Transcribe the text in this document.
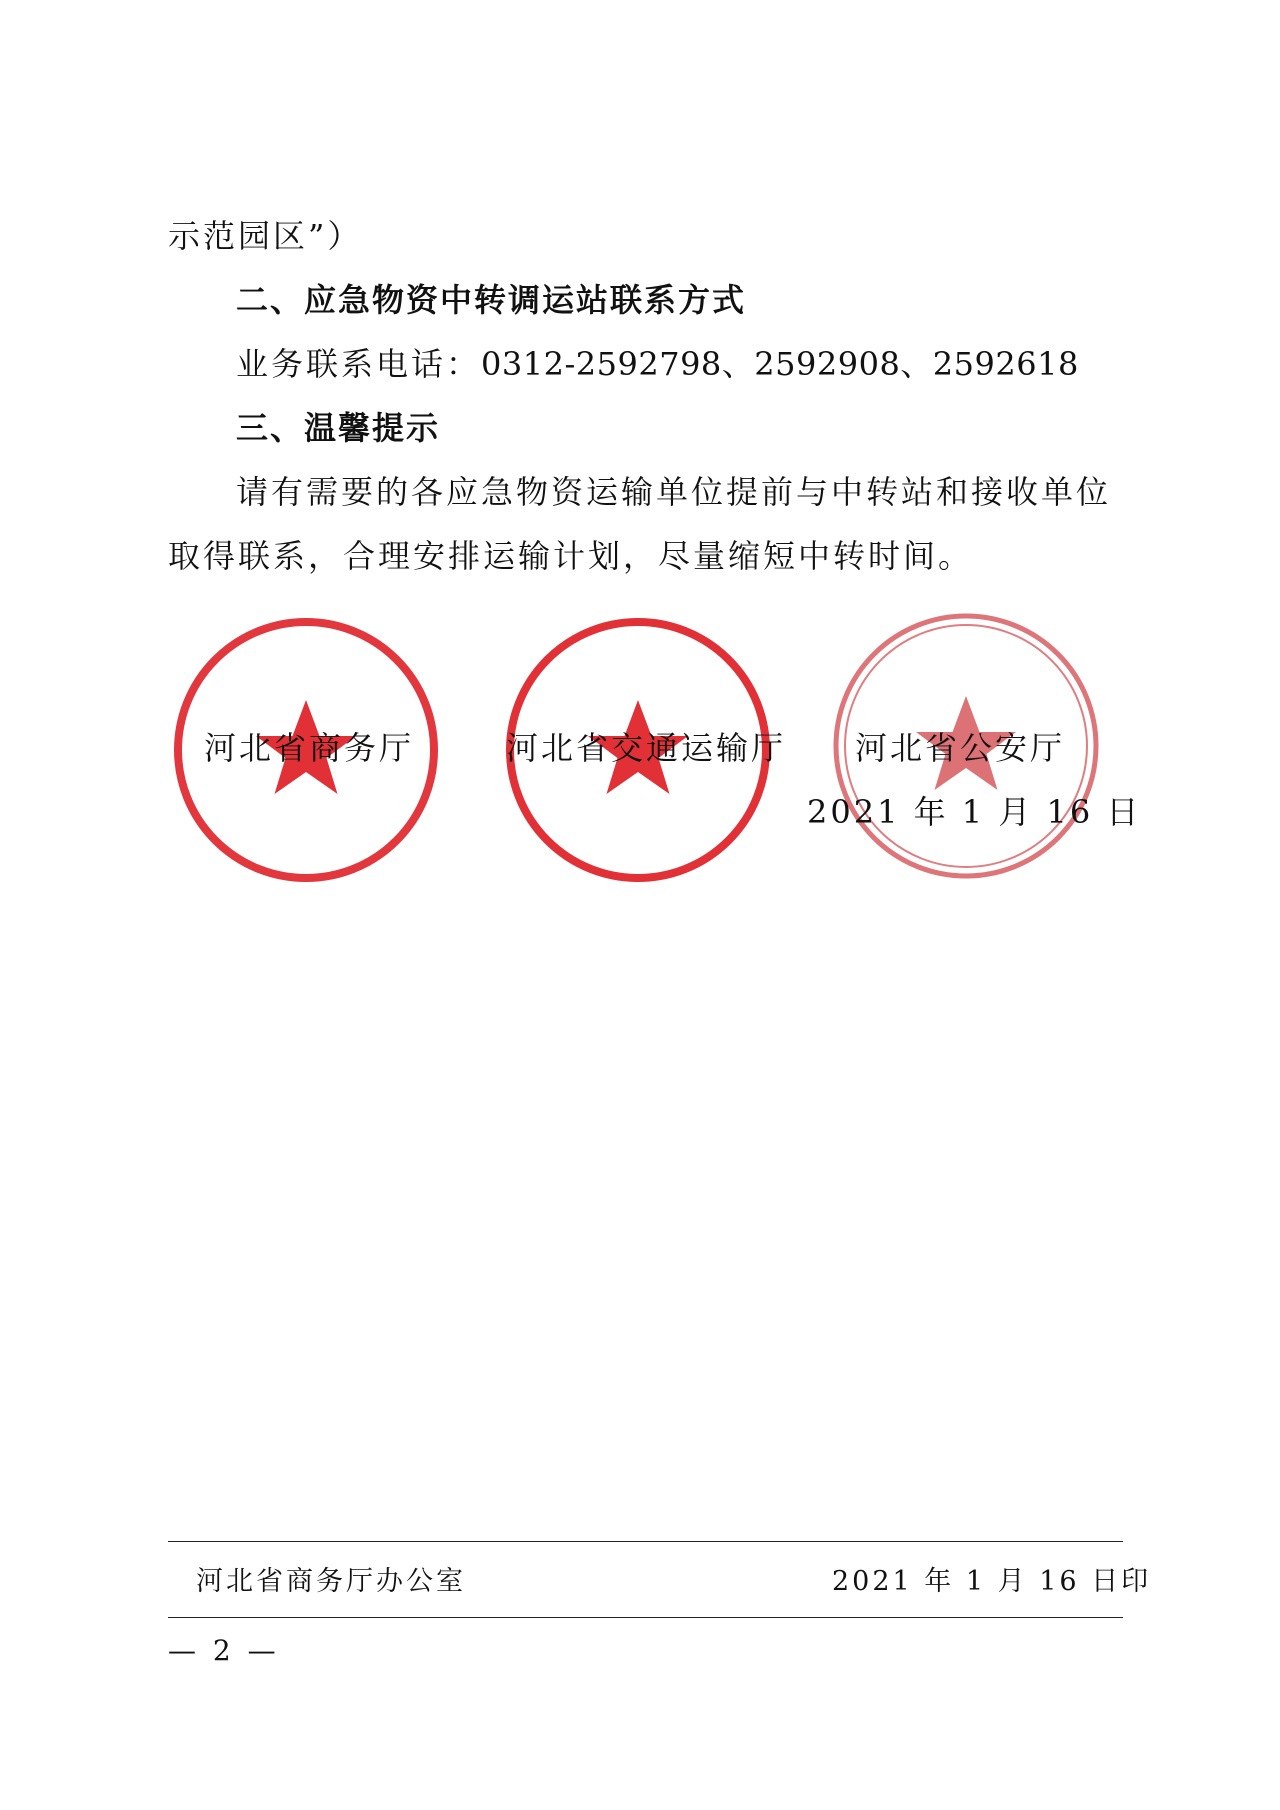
示范园区”）
二、应急物资中转调运站联系方式
业务联系电话：0312-2592798、2592908、2592618
三、温馨提示
请有需要的各应急物资运输单位提前与中转站和接收单位
取得联系，合理安排运输计划，尽量缩短中转时间。
河北省商务厅	河北省交通运输厅 河北省公安厅
2021 年 1 月 16 日
河北省商务厅办公室	2021 年 1 月 16 日印
— 2 —
